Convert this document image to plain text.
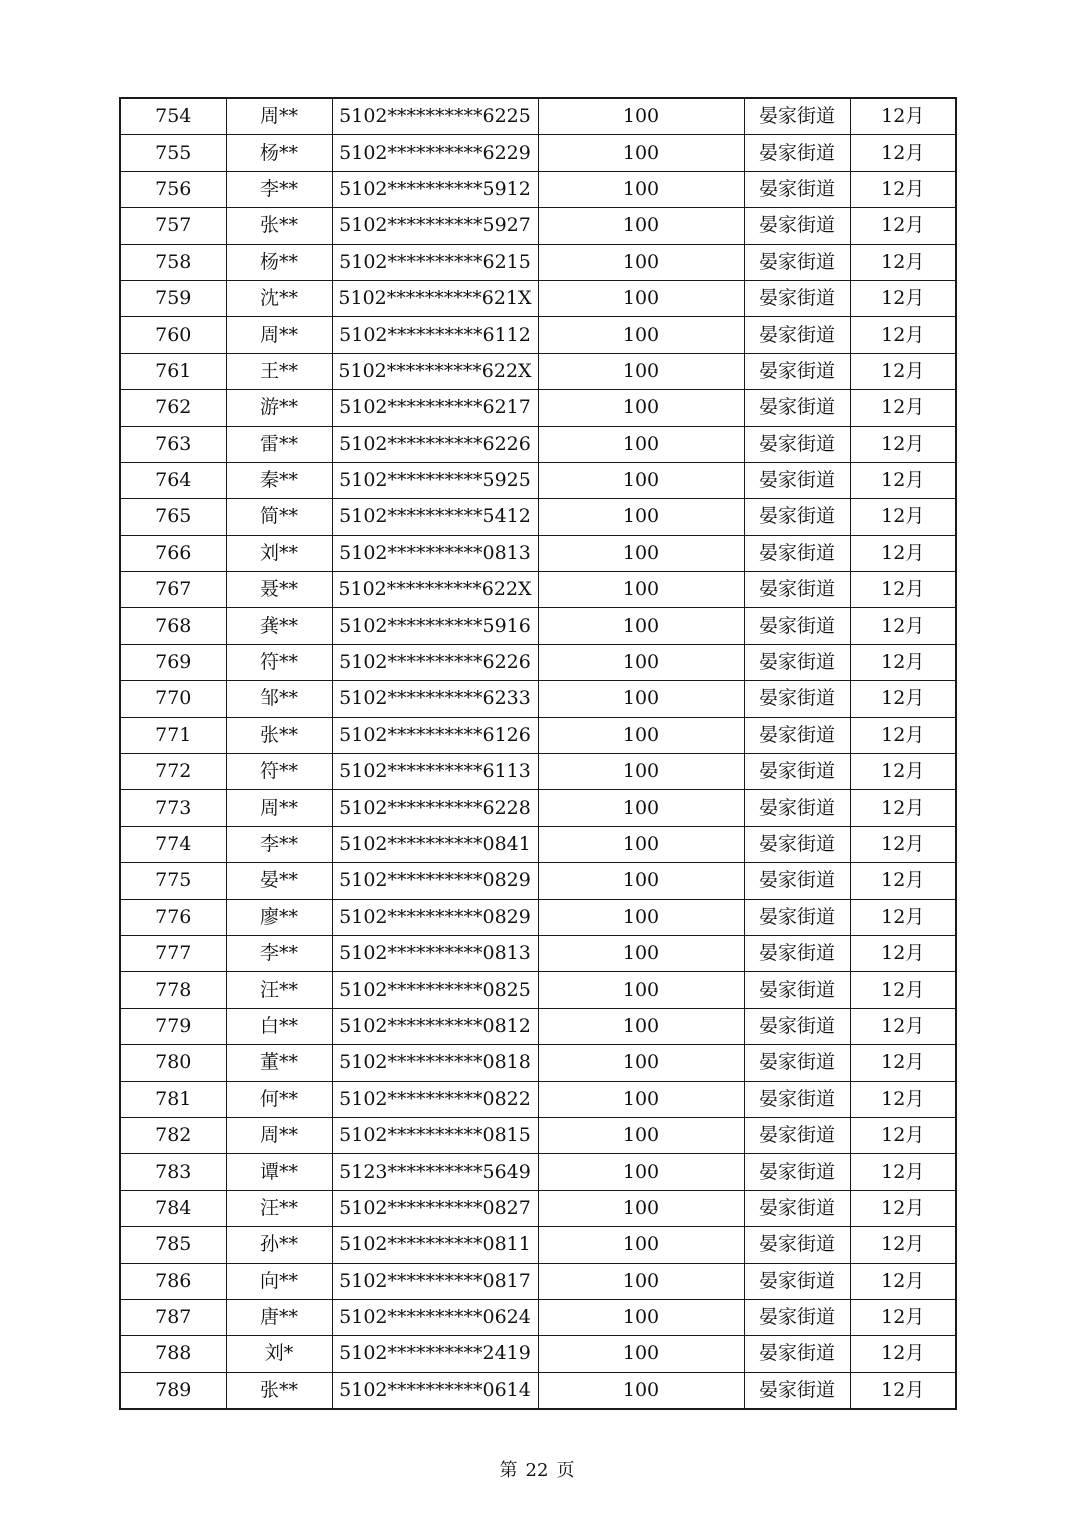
754	周**	5102**********6225	100	晏家街道	12月
755	杨**	5102**********6229	100	晏家街道	12月
756	李**	5102**********5912	100	晏家街道	12月
757	张**	5102**********5927	100	晏家街道	12月
758	杨**	5102**********6215	100	晏家街道	12月
759	沈**	5102**********621X	100	晏家街道	12月
760	周**	5102**********6112	100	晏家街道	12月
761	王**	5102**********622X	100	晏家街道	12月
762	游**	5102**********6217	100	晏家街道	12月
763	雷**	5102**********6226	100	晏家街道	12月
764	秦**	5102**********5925	100	晏家街道	12月
765	简**	5102**********5412	100	晏家街道	12月
766	刘**	5102**********0813	100	晏家街道	12月
767	聂**	5102**********622X	100	晏家街道	12月
768	龚**	5102**********5916	100	晏家街道	12月
769	符**	5102**********6226	100	晏家街道	12月
770	邹**	5102**********6233	100	晏家街道	12月
771	张**	5102**********6126	100	晏家街道	12月
772	符**	5102**********6113	100	晏家街道	12月
773	周**	5102**********6228	100	晏家街道	12月
774	李**	5102**********0841	100	晏家街道	12月
775	晏**	5102**********0829	100	晏家街道	12月
776	廖**	5102**********0829	100	晏家街道	12月
777	李**	5102**********0813	100	晏家街道	12月
778	汪**	5102**********0825	100	晏家街道	12月
779	白**	5102**********0812	100	晏家街道	12月
780	董**	5102**********0818	100	晏家街道	12月
781	何**	5102**********0822	100	晏家街道	12月
782	周**	5102**********0815	100	晏家街道	12月
783	谭**	5123**********5649	100	晏家街道	12月
784	汪**	5102**********0827	100	晏家街道	12月
785	孙**	5102**********0811	100	晏家街道	12月
786	向**	5102**********0817	100	晏家街道	12月
787	唐**	5102**********0624	100	晏家街道	12月
788	刘*	5102**********2419	100	晏家街道	12月
789	张**	5102**********0614	100	晏家街道	12月
第 22 页
